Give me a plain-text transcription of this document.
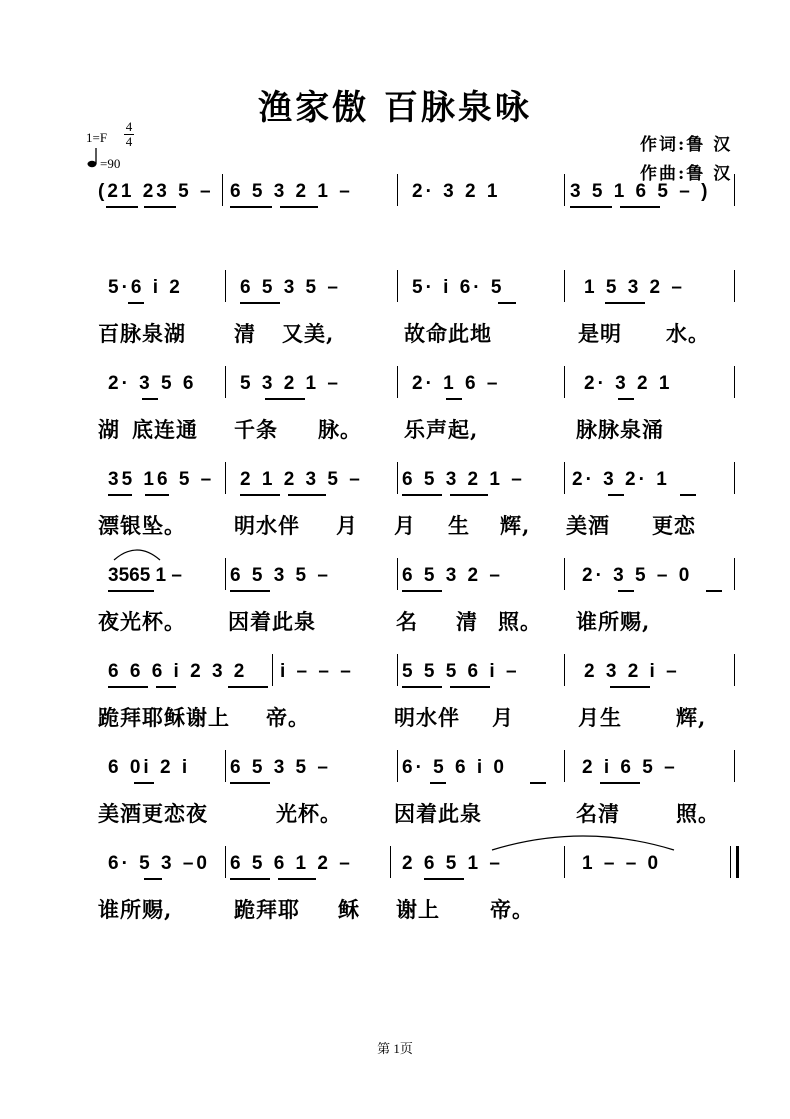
渔家傲 百脉泉咏
$1=F \frac{4}{4}$
=90
作词:鲁 汉
作曲:鲁 汉
(21 23 5 – 6 5 3 2 1 –	2· 3 2 1	3 5 1 6 5 – )
5·6 i 2	6 5 3 5 –	5· i 6· 5	1 5 3 2 –
百脉泉湖 清 又美,	故命此地	是明 水。
2· 3 5 6 5 3 2 1 –	2· 1 6 –	2· 3 2 1
湖 底连通 千条 脉。 乐声起,	脉脉泉涌
35 16 5 – 2 1 2 3 5 – 6 5 3 2 1 – 2· 3 2· 1
漂银坠。 明水伴 月 月 生 辉, 美酒 更恋
3565 1 –	6 5 3 5 –	6 5 3 2 –	2· 3 5 – 0
夜光杯。 因着此泉	名 清 照。 谁所赐,
6 6 6 i 2 3 2 i – – –	5 5 5 6 i –	2 3 2 i –
跪拜耶稣谢上 帝。	明水伴 月	月生	辉,
6 0i 2 i 6 5 3 5 –	6· 5 6 i 0	2 i 6 5 –
美酒更恋夜	光杯。 因着此泉	名清	照。
6· 5 3 –0 6 5 6 1 2 –	2 6 5 1 –	1 – – 0
谁所赐,	跪拜耶 稣 谢上 帝。
第 1页
